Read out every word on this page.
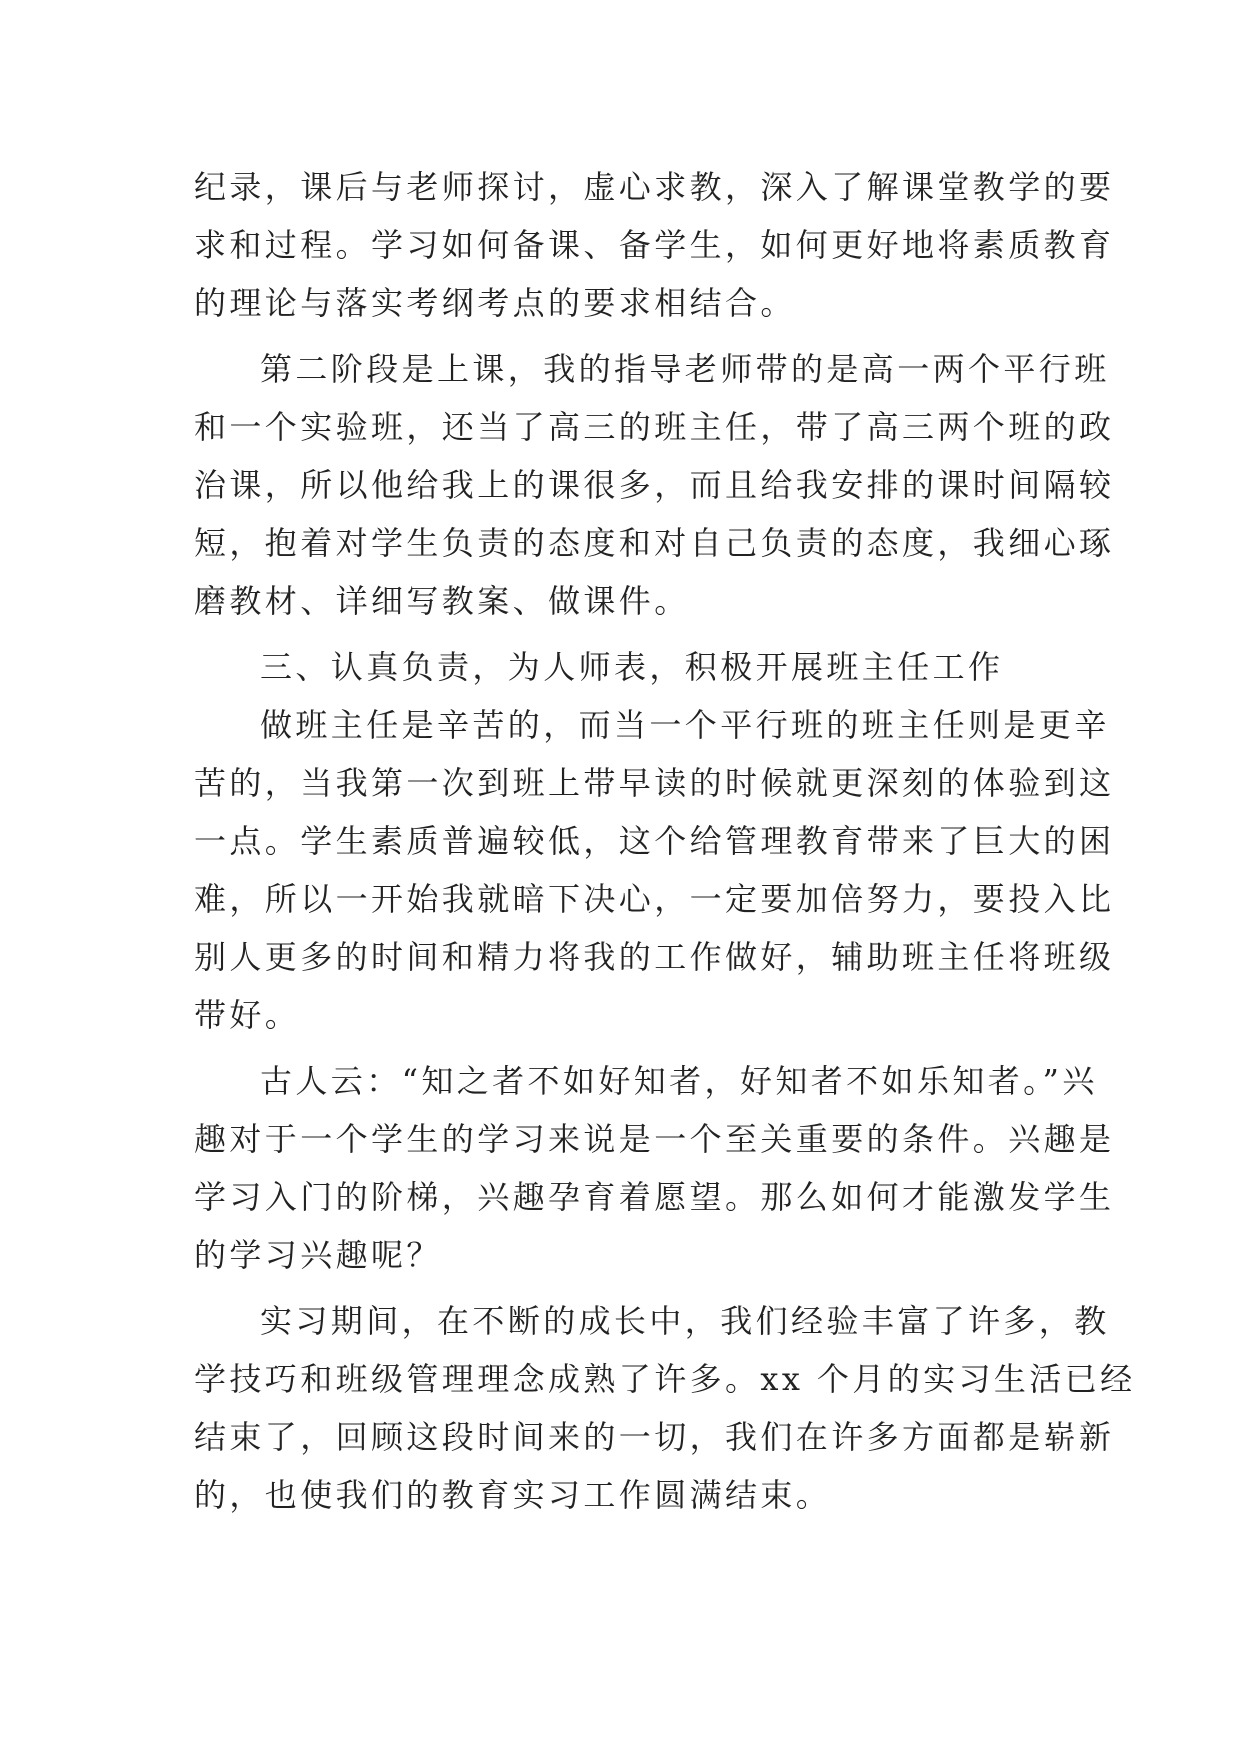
纪录，课后与老师探讨，虚心求教，深入了解课堂教学的要
求和过程。学习如何备课、备学生，如何更好地将素质教育
的理论与落实考纲考点的要求相结合。
第二阶段是上课，我的指导老师带的是高一两个平行班
和一个实验班，还当了高三的班主任，带了高三两个班的政
治课，所以他给我上的课很多，而且给我安排的课时间隔较
短，抱着对学生负责的态度和对自己负责的态度，我细心琢
磨教材、详细写教案、做课件。
三、认真负责，为人师表，积极开展班主任工作
做班主任是辛苦的，而当一个平行班的班主任则是更辛
苦的，当我第一次到班上带早读的时候就更深刻的体验到这
一点。学生素质普遍较低，这个给管理教育带来了巨大的困
难，所以一开始我就暗下决心，一定要加倍努力，要投入比
别人更多的时间和精力将我的工作做好，辅助班主任将班级
带好。
古人云：“知之者不如好知者，好知者不如乐知者。”兴
趣对于一个学生的学习来说是一个至关重要的条件。兴趣是
学习入门的阶梯，兴趣孕育着愿望。那么如何才能激发学生
的学习兴趣呢？
实习期间，在不断的成长中，我们经验丰富了许多，教
学技巧和班级管理理念成熟了许多。xx 个月的实习生活已经
结束了，回顾这段时间来的一切，我们在许多方面都是崭新
的，也使我们的教育实习工作圆满结束。
